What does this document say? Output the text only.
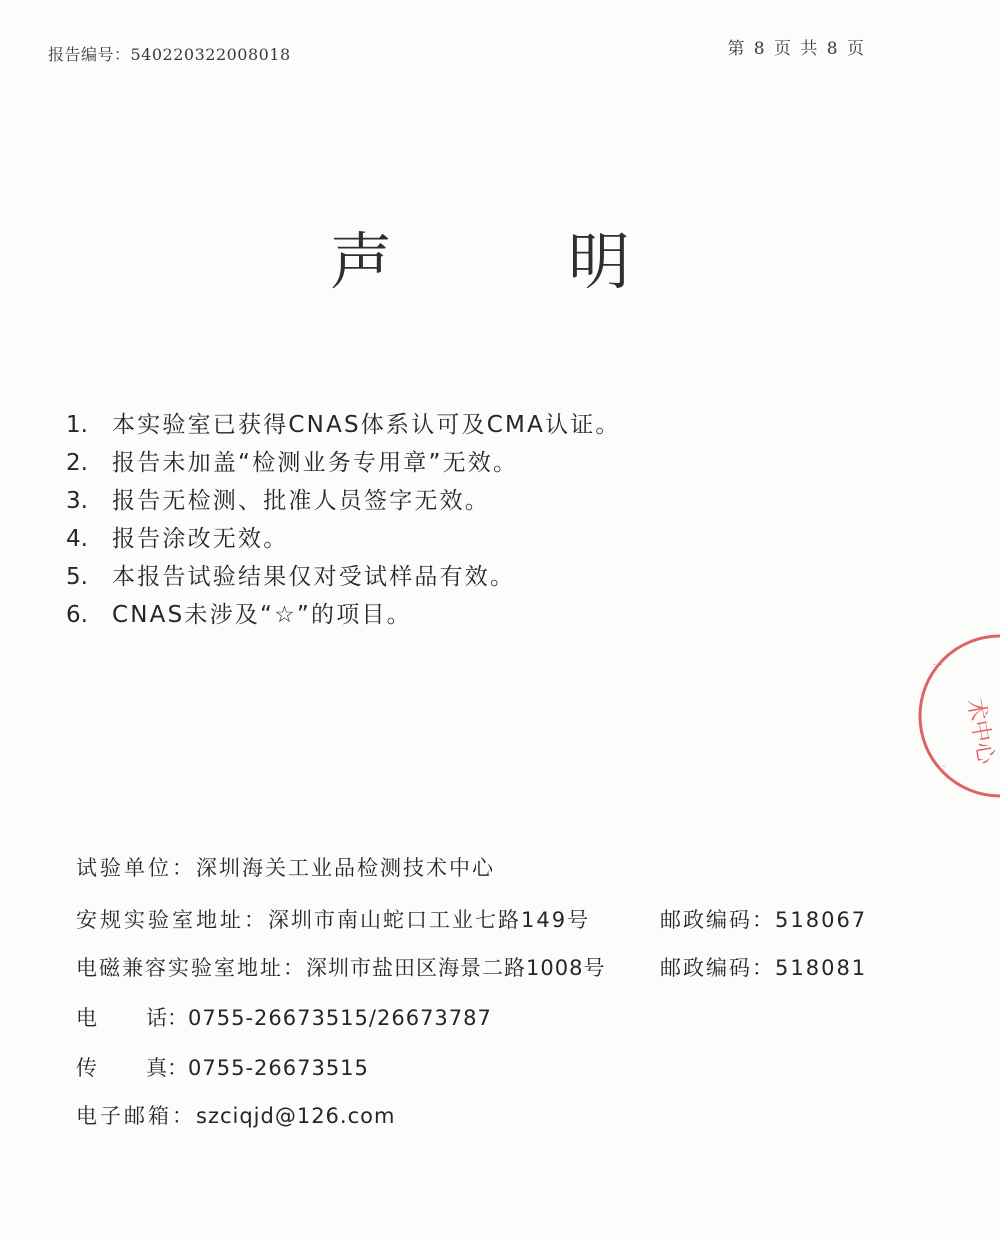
报告编号：540220322008018	第 8 页 共 8 页
声	明
1. 本实验室已获得CNAS体系认可及CMA认证。
2. 报告未加盖“检测业务专用章”无效。
3. 报告无检测、批准人员签字无效。
4. 报告涂改无效。
5. 本报告试验结果仅对受试样品有效。
6. CNAS未涉及“☆”的项目。
试验单位：深圳海关工业品检测技术中心
安规实验室地址：深圳市南山蛇口工业七路149号	邮政编码：518067
电磁兼容实验室地址：深圳市盐田区海景二路1008号	邮政编码：518081
电 话： 0755-26673515/26673787
传 真： 0755-26673515
电子邮箱：szciqjd@126.com
术中心
· ·
· ·
